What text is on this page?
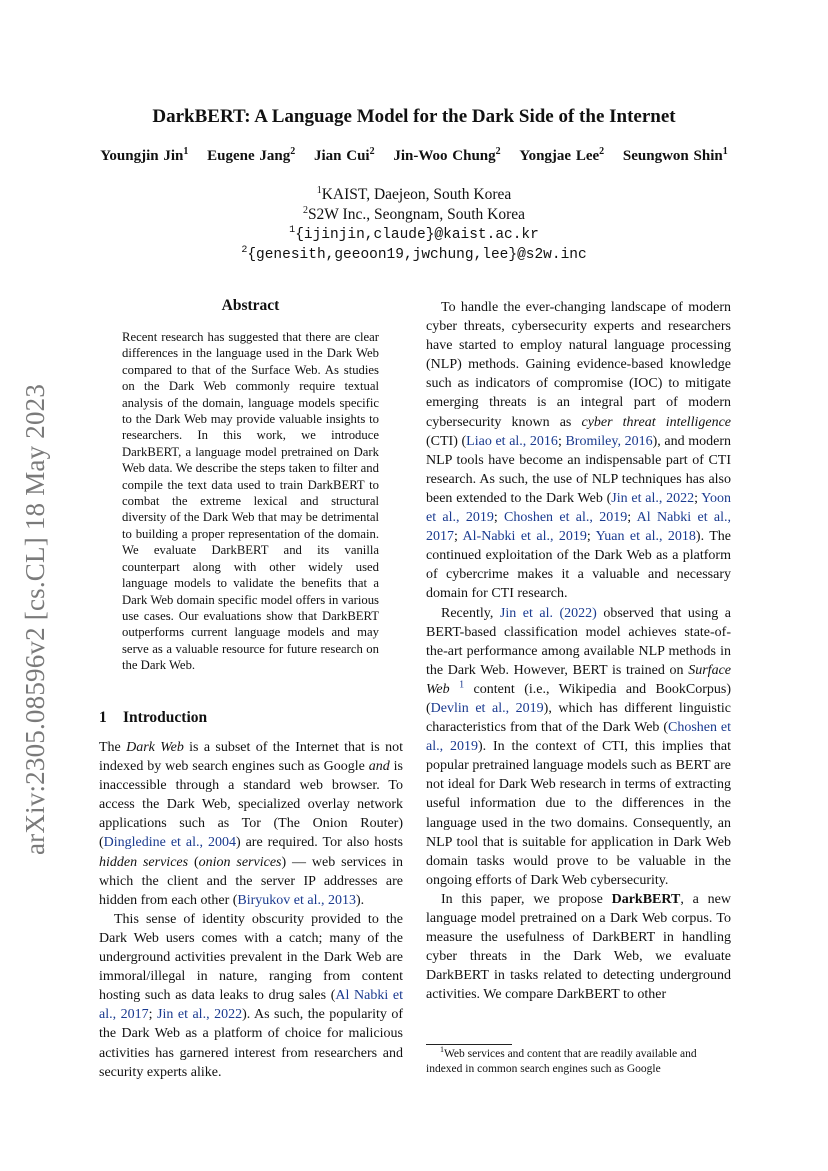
arXiv:2305.08596v2 [cs.CL] 18 May 2023
DarkBERT: A Language Model for the Dark Side of the Internet
Youngjin Jin$^1$ Eugene Jang$^2$ Jian Cui$^2$ Jin-Woo Chung$^2$ Yongjae Lee$^2$ Seungwon Shin$^1$
$^1$KAIST, Daejeon, South Korea
$^2$S2W Inc., Seongnam, South Korea
$^1${ijinjin,claude}@kaist.ac.kr
$^2${genesith,geeoon19,jwchung,lee}@s2w.inc
Abstract

Recent research has suggested that there are clear differences in the language used in the Dark Web compared to that of the Surface Web. As studies on the Dark Web commonly require textual analysis of the domain, language models specific to the Dark Web may provide valuable insights to researchers. In this work, we introduce DarkBERT, a language model pretrained on Dark Web data. We describe the steps taken to filter and compile the text data used to train DarkBERT to combat the extreme lexical and structural diversity of the Dark Web that may be detrimental to building a proper representation of the domain. We evaluate DarkBERT and its vanilla counterpart along with other widely used language models to validate the benefits that a Dark Web domain specific model offers in various use cases. Our evaluations show that DarkBERT outperforms current language models and may serve as a valuable resource for future research on the Dark Web.

1 Introduction

The Dark Web is a subset of the Internet that is not indexed by web search engines such as Google and is inaccessible through a standard web browser. To access the Dark Web, specialized overlay network applications such as Tor (The Onion Router) (Dingledine et al., 2004) are required. Tor also hosts hidden services (onion services) — web services in which the client and the server IP addresses are hidden from each other (Biryukov et al., 2013).

This sense of identity obscurity provided to the Dark Web users comes with a catch; many of the underground activities prevalent in the Dark Web are immoral/illegal in nature, ranging from content hosting such as data leaks to drug sales (Al Nabki et al., 2017; Jin et al., 2022). As such, the popularity of the Dark Web as a platform of choice for malicious activities has garnered interest from researchers and security experts alike.

To handle the ever-changing landscape of modern cyber threats, cybersecurity experts and researchers have started to employ natural language processing (NLP) methods. Gaining evidence-based knowledge such as indicators of compromise (IOC) to mitigate emerging threats is an integral part of modern cybersecurity known as cyber threat intelligence (CTI) (Liao et al., 2016; Bromiley, 2016), and modern NLP tools have become an indispensable part of CTI research. As such, the use of NLP techniques has also been extended to the Dark Web (Jin et al., 2022; Yoon et al., 2019; Choshen et al., 2019; Al Nabki et al., 2017; Al-Nabki et al., 2019; Yuan et al., 2018). The continued exploitation of the Dark Web as a platform of cybercrime makes it a valuable and necessary domain for CTI research.

Recently, Jin et al. (2022) observed that using a BERT-based classification model achieves state-of-the-art performance among available NLP methods in the Dark Web. However, BERT is trained on Surface Web $^1$ content (i.e., Wikipedia and BookCorpus) (Devlin et al., 2019), which has different linguistic characteristics from that of the Dark Web (Choshen et al., 2019). In the context of CTI, this implies that popular pretrained language models such as BERT are not ideal for Dark Web research in terms of extracting useful information due to the differences in the language used in the two domains. Consequently, an NLP tool that is suitable for application in Dark Web domain tasks would prove to be valuable in the ongoing efforts of Dark Web cybersecurity.

In this paper, we propose DarkBERT, a new language model pretrained on a Dark Web corpus. To measure the usefulness of DarkBERT in handling cyber threats in the Dark Web, we evaluate DarkBERT in tasks related to detecting underground activities. We compare DarkBERT to other

$^1$Web services and content that are readily available and indexed in common search engines such as Google
